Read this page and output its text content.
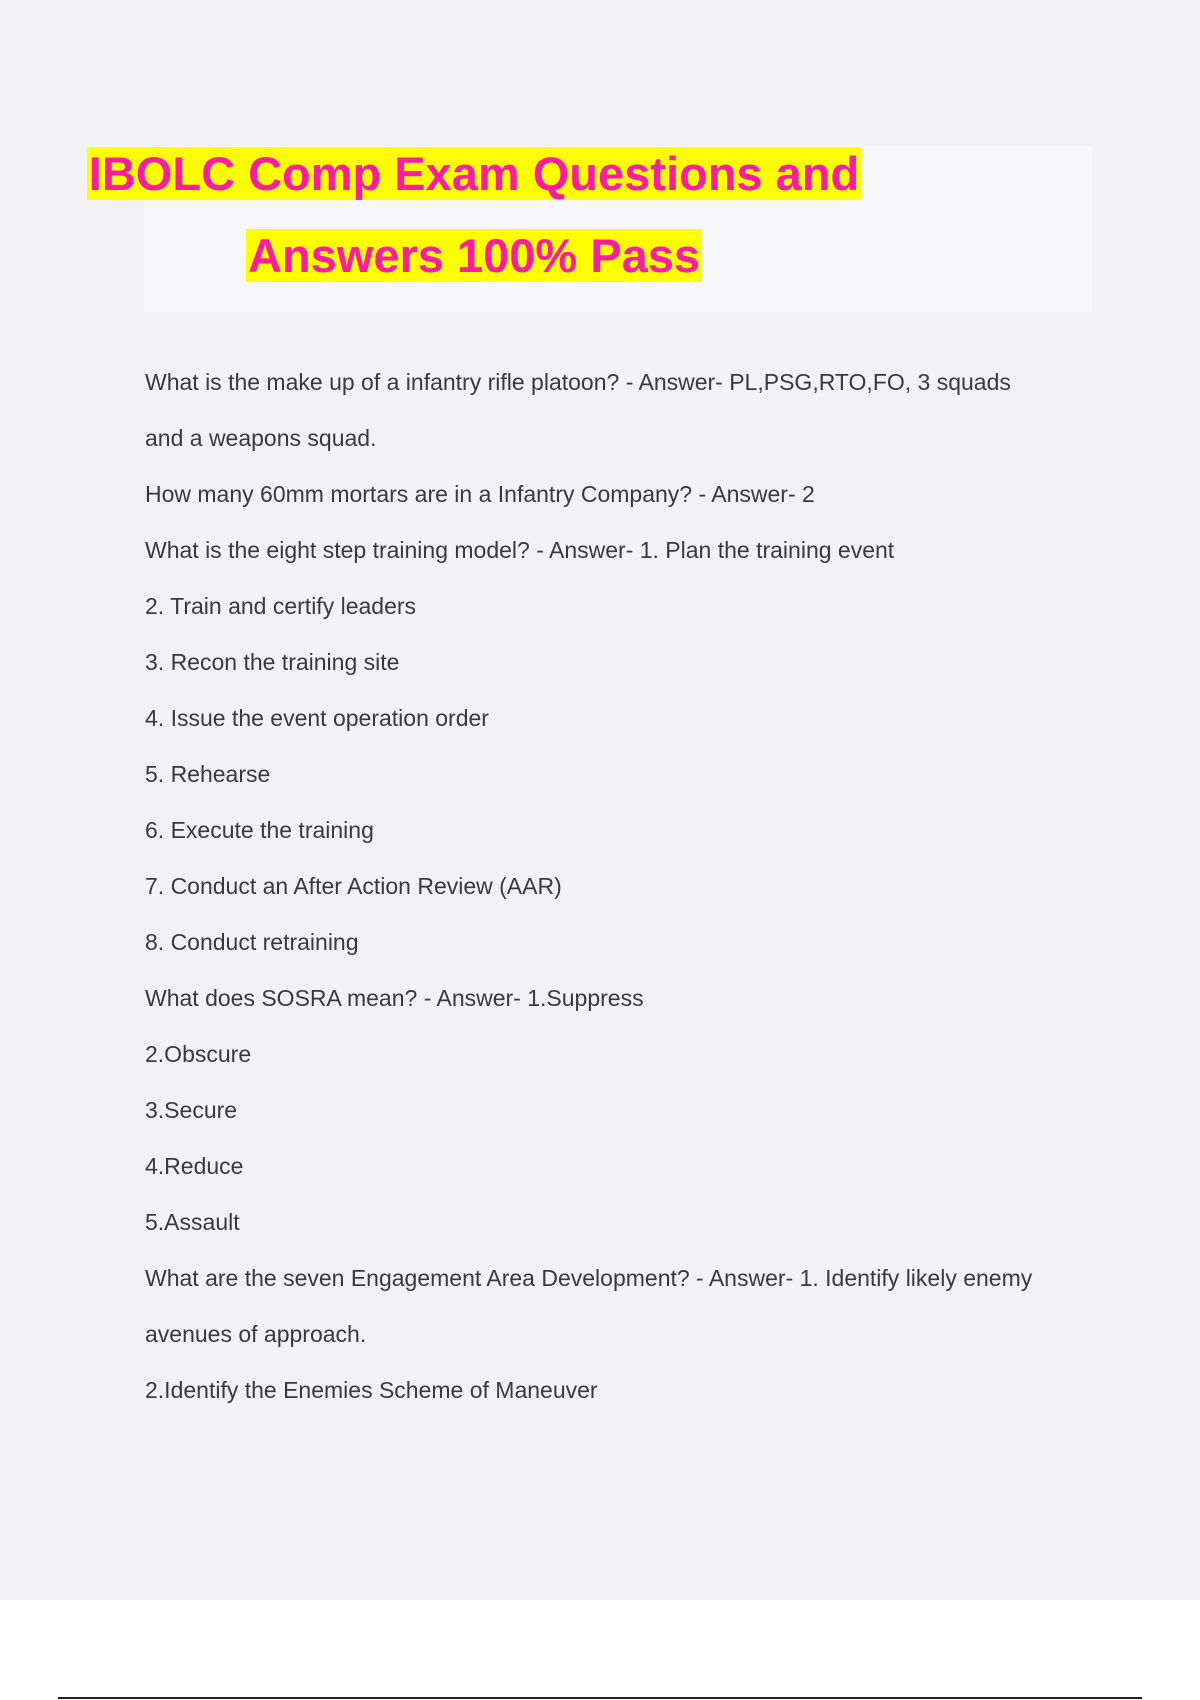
IBOLC Comp Exam Questions and
Answers 100% Pass
What is the make up of a infantry rifle platoon? - Answer- PL,PSG,RTO,FO, 3 squads
and a weapons squad.
How many 60mm mortars are in a Infantry Company? - Answer- 2
What is the eight step training model? - Answer- 1. Plan the training event
2. Train and certify leaders
3. Recon the training site
4. Issue the event operation order
5. Rehearse
6. Execute the training
7. Conduct an After Action Review (AAR)
8. Conduct retraining
What does SOSRA mean? - Answer- 1.Suppress
2.Obscure
3.Secure
4.Reduce
5.Assault
What are the seven Engagement Area Development? - Answer- 1. Identify likely enemy
avenues of approach.
2.Identify the Enemies Scheme of Maneuver
